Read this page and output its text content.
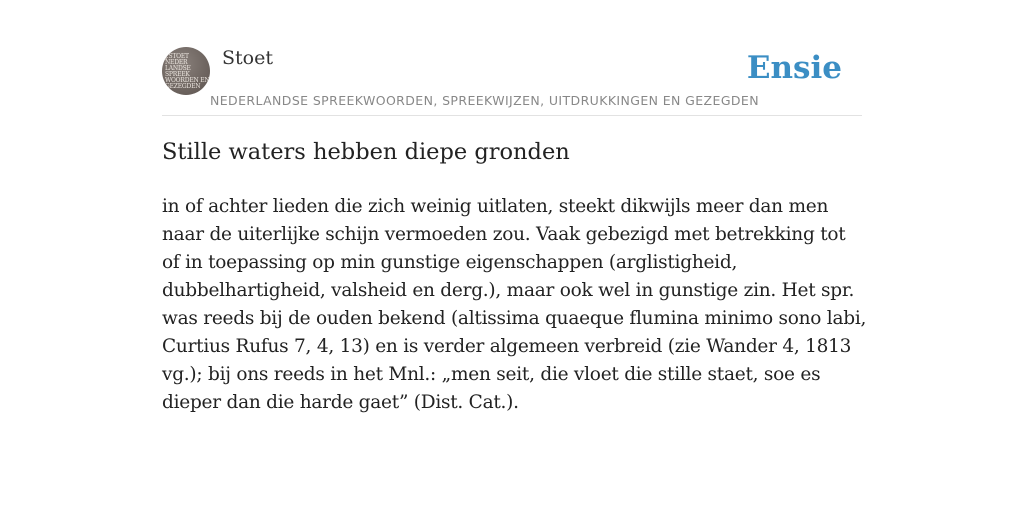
J.STOET
NEDER
LANDSE
SPREEK
WOORDEN EN
GEZEGDEN
Stoet
NEDERLANDSE SPREEKWOORDEN, SPREEKWIJZEN, UITDRUKKINGEN EN GEZEGDEN
Ensie
Stille waters hebben diepe gronden

in of achter lieden die zich weinig uitlaten, steekt dikwijls meer dan men naar de uiterlijke schijn vermoeden zou. Vaak gebezigd met betrekking tot of in toepassing op min gunstige eigenschappen (arglistigheid, dubbelhartigheid, valsheid en derg.), maar ook wel in gunstige zin. Het spr. was reeds bij de ouden bekend (altissima quaeque flumina minimo sono labi, Curtius Rufus 7, 4, 13) en is verder algemeen verbreid (zie Wander 4, 1813 vg.); bij ons reeds in het Mnl.: „men seit, die vloet die stille staet, soe es dieper dan die harde gaet” (Dist. Cat.).
